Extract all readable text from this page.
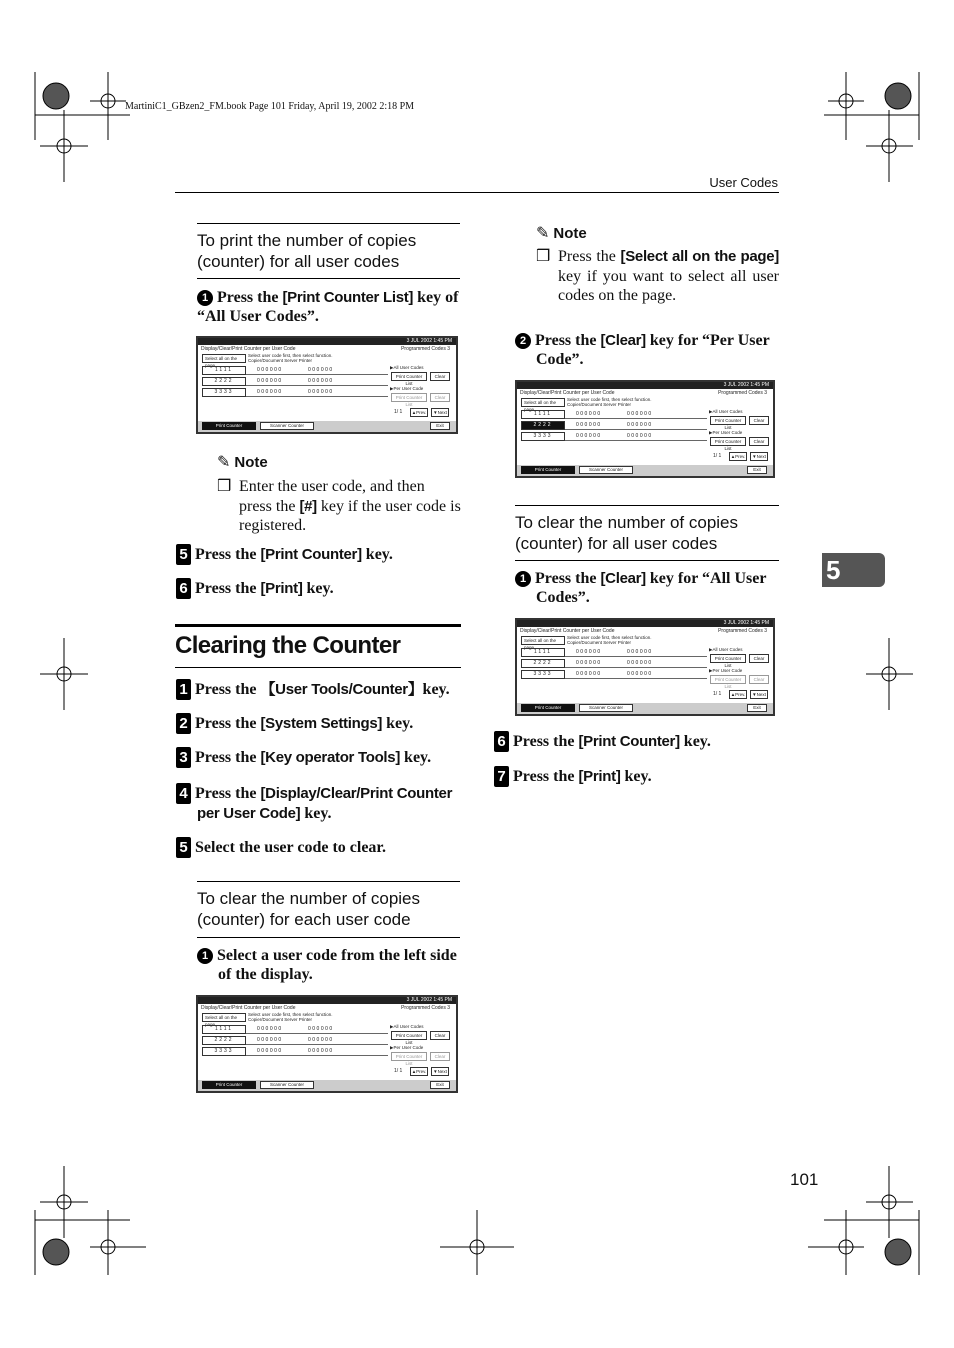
MartiniC1_GBzen2_FM.book Page 101 Friday, April 19, 2002 2:18 PM
User Codes
To print the number of copies (counter) for all user codes
1 Press the [Print Counter List] key of “All User Codes”.
3 JUL 2002 1:45 PM
Display/Clear/Print Counter per User Code	Programmed Codes 3
Select all on the page
Select user code first, then select function.
Copier/Document Server Printer
1111	000000	000000
2222	000000	000000
3333	000000	000000
▶All User Codes
Print Counter List
Clear
▶Per User Code
Print Counter List
Clear
1/ 1	▲Prev.	▼Next
Print Counter	Scanner Counter	Exit
✎ Note
❒ Enter the user code, and then press the [#] key if the user code is registered.
5 Press the [Print Counter] key.
6 Press the [Print] key.
Clearing the Counter
1 Press the 【User Tools/Counter】key.
2 Press the [System Settings] key.
3 Press the [Key operator Tools] key.
4 Press the [Display/Clear/Print Counter per User Code] key.
5 Select the user code to clear.
To clear the number of copies (counter) for each user code
1 Select a user code from the left side of the display.
3 JUL 2002 1:45 PM
Display/Clear/Print Counter per User Code	Programmed Codes 3
Select all on the page
Select user code first, then select function.
Copier/Document Server Printer
1111	000000	000000
2222	000000	000000
3333	000000	000000
▶All User Codes
Print Counter List
Clear
▶Per User Code
Print Counter List
Clear
1/ 1	▲Prev.	▼Next
Print Counter	Scanner Counter	Exit
✎ Note
❒ Press the [Select all on the page] key if you want to select all user codes on the page.
2 Press the [Clear] key for “Per User Code”.
3 JUL 2002 1:45 PM
Display/Clear/Print Counter per User Code	Programmed Codes 3
Select all on the page
Select user code first, then select function.
Copier/Document Server Printer
1111	000000	000000
2222	000000	000000
3333	000000	000000
▶All User Codes
Print Counter List
Clear
▶Per User Code
Print Counter List
Clear
1/ 1	▲Prev.	▼Next
Print Counter	Scanner Counter	Exit
To clear the number of copies (counter) for all user codes
1 Press the [Clear] key for “All User Codes”.
3 JUL 2002 1:45 PM
Display/Clear/Print Counter per User Code	Programmed Codes 3
Select all on the page
Select user code first, then select function.
Copier/Document Server Printer
1111	000000	000000
2222	000000	000000
3333	000000	000000
▶All User Codes
Print Counter List
Clear
▶Per User Code
Print Counter List
Clear
1/ 1	▲Prev.	▼Next
Print Counter	Scanner Counter	Exit
6 Press the [Print Counter] key.
7 Press the [Print] key.
5
101
